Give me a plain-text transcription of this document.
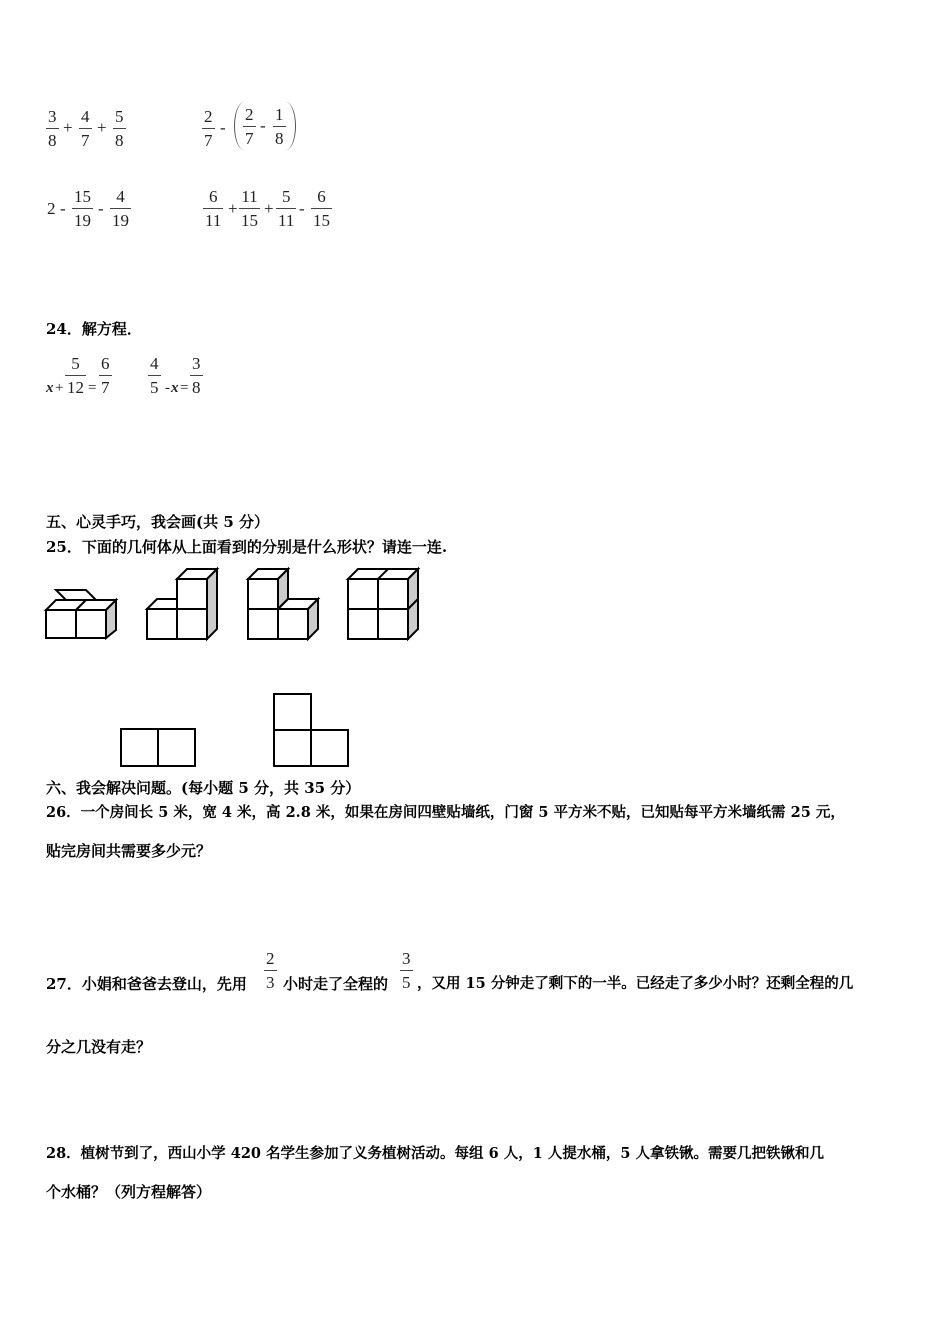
3
8
+
4
7
+
5
8
2
7
-
2
7
-
1
8
2 -
15
19
-
4
19
6
11
+
11
15
+
5
11
-
6
15
24．解方程．
x +
5
12 =
6
7
4
5 - x =
3
8
五、心灵手巧，我会画(共 5 分）
25．下面的几何体从上面看到的分别是什么形状？请连一连.
六、我会解决问题。(每小题 5 分，共 35 分）
26．一个房间长 5 米，宽 4 米，高 2.8 米，如果在房间四壁贴墙纸，门窗 5 平方米不贴，已知贴每平方米墙纸需 25 元，
贴完房间共需要多少元？
27．小娟和爸爸去登山，先用
2
3 小时走了全程的
3
5 ，又用 15 分钟走了剩下的一半。已经走了多少小时？还剩全程的几
分之几没有走？
28．植树节到了，西山小学 420 名学生参加了义务植树活动。每组 6 人，1 人提水桶，5 人拿铁锹。需要几把铁锹和几
个水桶？（列方程解答）
